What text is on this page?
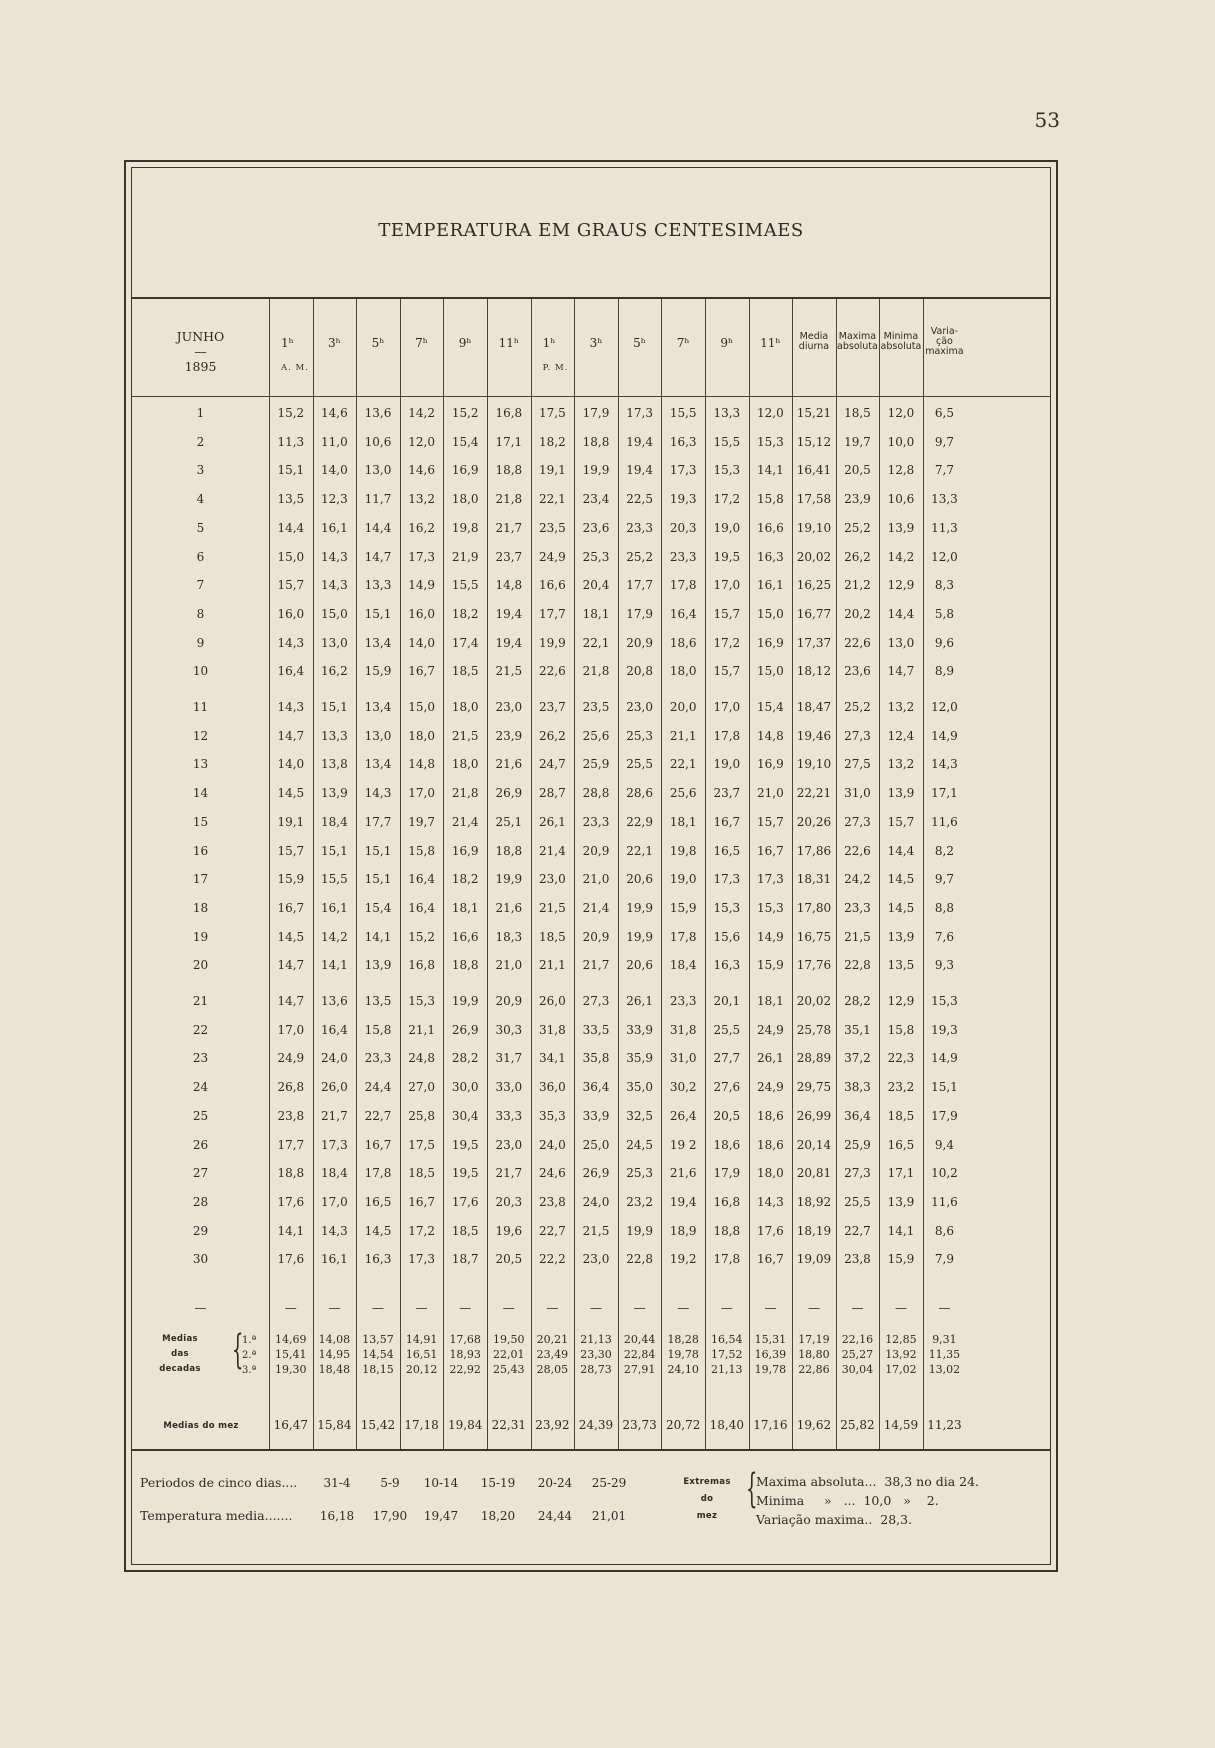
53
TEMPERATURA EM GRAUS CENTESIMAES
JUNHO
—
1895
1ʰ
A. M.
3ʰ	5ʰ	7ʰ	9ʰ	11ʰ	1ʰ
P. M.
3ʰ	5ʰ	7ʰ	9ʰ	11ʰ	Media
diurna
Maxima
absoluta
Minima
absoluta
Varia-
ção
maxima
1	15,2	14,6	13,6	14,2	15,2	16,8	17,5	17,9	17,3	15,5	13,3	12,0	15,21	18,5	12,0	6,5
2	11,3	11,0	10,6	12,0	15,4	17,1	18,2	18,8	19,4	16,3	15,5	15,3	15,12	19,7	10,0	9,7
3	15,1	14,0	13,0	14,6	16,9	18,8	19,1	19,9	19,4	17,3	15,3	14,1	16,41	20,5	12,8	7,7
4	13,5	12,3	11,7	13,2	18,0	21,8	22,1	23,4	22,5	19,3	17,2	15,8	17,58	23,9	10,6	13,3
5	14,4	16,1	14,4	16,2	19,8	21,7	23,5	23,6	23,3	20,3	19,0	16,6	19,10	25,2	13,9	11,3
6	15,0	14,3	14,7	17,3	21,9	23,7	24,9	25,3	25,2	23,3	19,5	16,3	20,02	26,2	14,2	12,0
7	15,7	14,3	13,3	14,9	15,5	14,8	16,6	20,4	17,7	17,8	17,0	16,1	16,25	21,2	12,9	8,3
8	16,0	15,0	15,1	16,0	18,2	19,4	17,7	18,1	17,9	16,4	15,7	15,0	16,77	20,2	14,4	5,8
9	14,3	13,0	13,4	14,0	17,4	19,4	19,9	22,1	20,9	18,6	17,2	16,9	17,37	22,6	13,0	9,6
10	16,4	16,2	15,9	16,7	18,5	21,5	22,6	21,8	20,8	18,0	15,7	15,0	18,12	23,6	14,7	8,9
11	14,3	15,1	13,4	15,0	18,0	23,0	23,7	23,5	23,0	20,0	17,0	15,4	18,47	25,2	13,2	12,0
12	14,7	13,3	13,0	18,0	21,5	23,9	26,2	25,6	25,3	21,1	17,8	14,8	19,46	27,3	12,4	14,9
13	14,0	13,8	13,4	14,8	18,0	21,6	24,7	25,9	25,5	22,1	19,0	16,9	19,10	27,5	13,2	14,3
14	14,5	13,9	14,3	17,0	21,8	26,9	28,7	28,8	28,6	25,6	23,7	21,0	22,21	31,0	13,9	17,1
15	19,1	18,4	17,7	19,7	21,4	25,1	26,1	23,3	22,9	18,1	16,7	15,7	20,26	27,3	15,7	11,6
16	15,7	15,1	15,1	15,8	16,9	18,8	21,4	20,9	22,1	19,8	16,5	16,7	17,86	22,6	14,4	8,2
17	15,9	15,5	15,1	16,4	18,2	19,9	23,0	21,0	20,6	19,0	17,3	17,3	18,31	24,2	14,5	9,7
18	16,7	16,1	15,4	16,4	18,1	21,6	21,5	21,4	19,9	15,9	15,3	15,3	17,80	23,3	14,5	8,8
19	14,5	14,2	14,1	15,2	16,6	18,3	18,5	20,9	19,9	17,8	15,6	14,9	16,75	21,5	13,9	7,6
20	14,7	14,1	13,9	16,8	18,8	21,0	21,1	21,7	20,6	18,4	16,3	15,9	17,76	22,8	13,5	9,3
21	14,7	13,6	13,5	15,3	19,9	20,9	26,0	27,3	26,1	23,3	20,1	18,1	20,02	28,2	12,9	15,3
22	17,0	16,4	15,8	21,1	26,9	30,3	31,8	33,5	33,9	31,8	25,5	24,9	25,78	35,1	15,8	19,3
23	24,9	24,0	23,3	24,8	28,2	31,7	34,1	35,8	35,9	31,0	27,7	26,1	28,89	37,2	22,3	14,9
24	26,8	26,0	24,4	27,0	30,0	33,0	36,0	36,4	35,0	30,2	27,6	24,9	29,75	38,3	23,2	15,1
25	23,8	21,7	22,7	25,8	30,4	33,3	35,3	33,9	32,5	26,4	20,5	18,6	26,99	36,4	18,5	17,9
26	17,7	17,3	16,7	17,5	19,5	23,0	24,0	25,0	24,5	19 2	18,6	18,6	20,14	25,9	16,5	9,4
27	18,8	18,4	17,8	18,5	19,5	21,7	24,6	26,9	25,3	21,6	17,9	18,0	20,81	27,3	17,1	10,2
28	17,6	17,0	16,5	16,7	17,6	20,3	23,8	24,0	23,2	19,4	16,8	14,3	18,92	25,5	13,9	11,6
29	14,1	14,3	14,5	17,2	18,5	19,6	22,7	21,5	19,9	18,9	18,8	17,6	18,19	22,7	14,1	8,6
30	17,6	16,1	16,3	17,3	18,7	20,5	22,2	23,0	22,8	19,2	17,8	16,7	19,09	23,8	15,9	7,9
—	—	—	—	—	—	—	—	—	—	—	—	—	—	—	—	—
Medias
das
decadas {
1.ª
2.ª
3.ª
14,69	14,08	13,57	14,91	17,68	19,50	20,21	21,13	20,44	18,28	16,54	15,31	17,19	22,16	12,85	9,31
15,41	14,95	14,54	16,51	18,93	22,01	23,49	23,30	22,84	19,78	17,52	16,39	18,80	25,27	13,92	11,35
19,30	18,48	18,15	20,12	22,92	25,43	28,05	28,73	27,91	24,10	21,13	19,78	22,86	30,04	17,02	13,02
Medias do mez	16,47 15,84 15,42 17,18 19,84 22,31 23,92 24,39 23,73 20,72 18,40 17,16 19,62 25,82 14,59 11,23
Periodos de cinco dias....
Temperatura media.......
31-4	5-9	10-14	15-19	20-24	25-29
16,18	17,90	19,47	18,20	24,44	21,01
Extremas
do
mez
{
Maxima absoluta...  38,3 no dia 24.
Minima     »   ...  10,0   »    2.
Variação maxima..  28,3.
